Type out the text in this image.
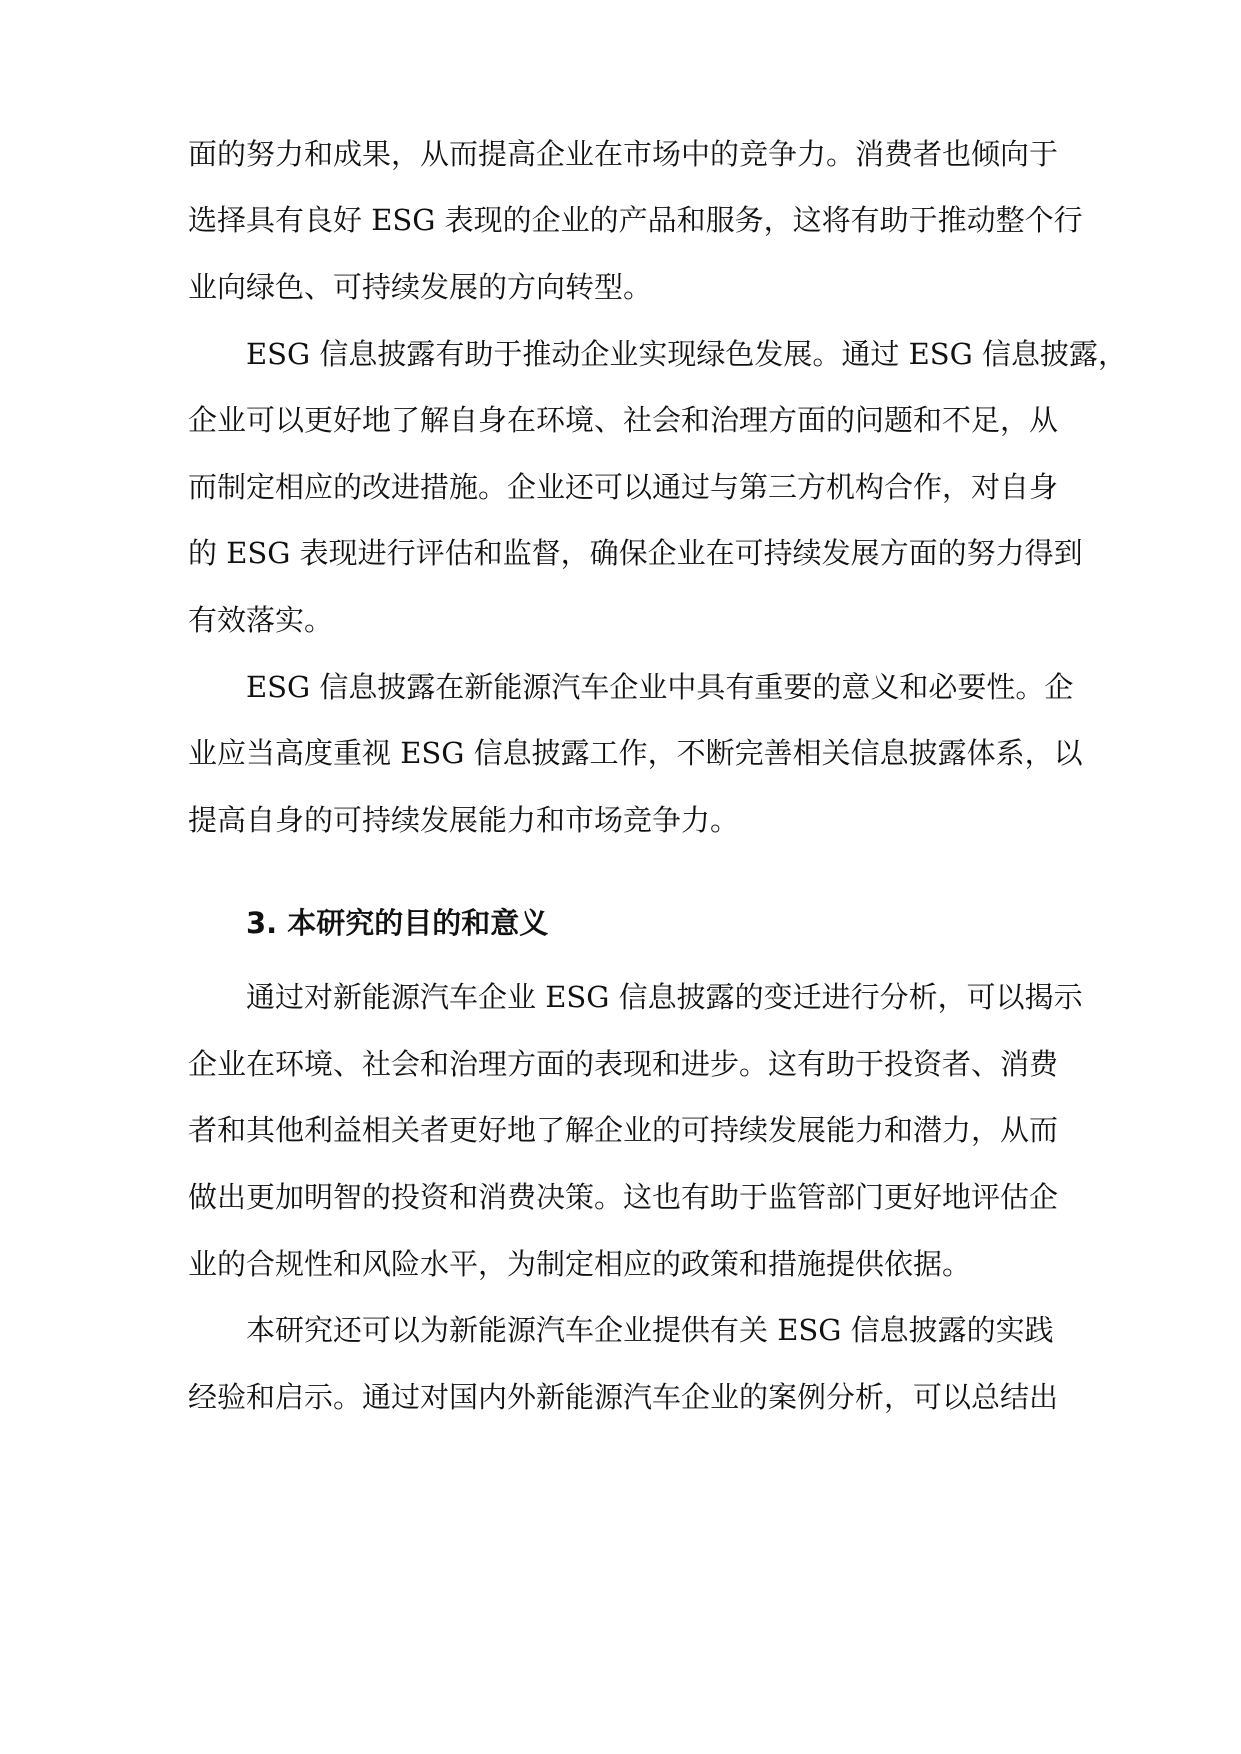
面的努力和成果，从而提高企业在市场中的竞争力。消费者也倾向于
选择具有良好 ESG 表现的企业的产品和服务，这将有助于推动整个行
业向绿色、可持续发展的方向转型。
ESG 信息披露有助于推动企业实现绿色发展。通过 ESG 信息披露，
企业可以更好地了解自身在环境、社会和治理方面的问题和不足，从
而制定相应的改进措施。企业还可以通过与第三方机构合作，对自身
的 ESG 表现进行评估和监督，确保企业在可持续发展方面的努力得到
有效落实。
ESG 信息披露在新能源汽车企业中具有重要的意义和必要性。企
业应当高度重视 ESG 信息披露工作，不断完善相关信息披露体系，以
提高自身的可持续发展能力和市场竞争力。
3. 本研究的目的和意义
通过对新能源汽车企业 ESG 信息披露的变迁进行分析，可以揭示
企业在环境、社会和治理方面的表现和进步。这有助于投资者、消费
者和其他利益相关者更好地了解企业的可持续发展能力和潜力，从而
做出更加明智的投资和消费决策。这也有助于监管部门更好地评估企
业的合规性和风险水平，为制定相应的政策和措施提供依据。
本研究还可以为新能源汽车企业提供有关 ESG 信息披露的实践
经验和启示。通过对国内外新能源汽车企业的案例分析，可以总结出
